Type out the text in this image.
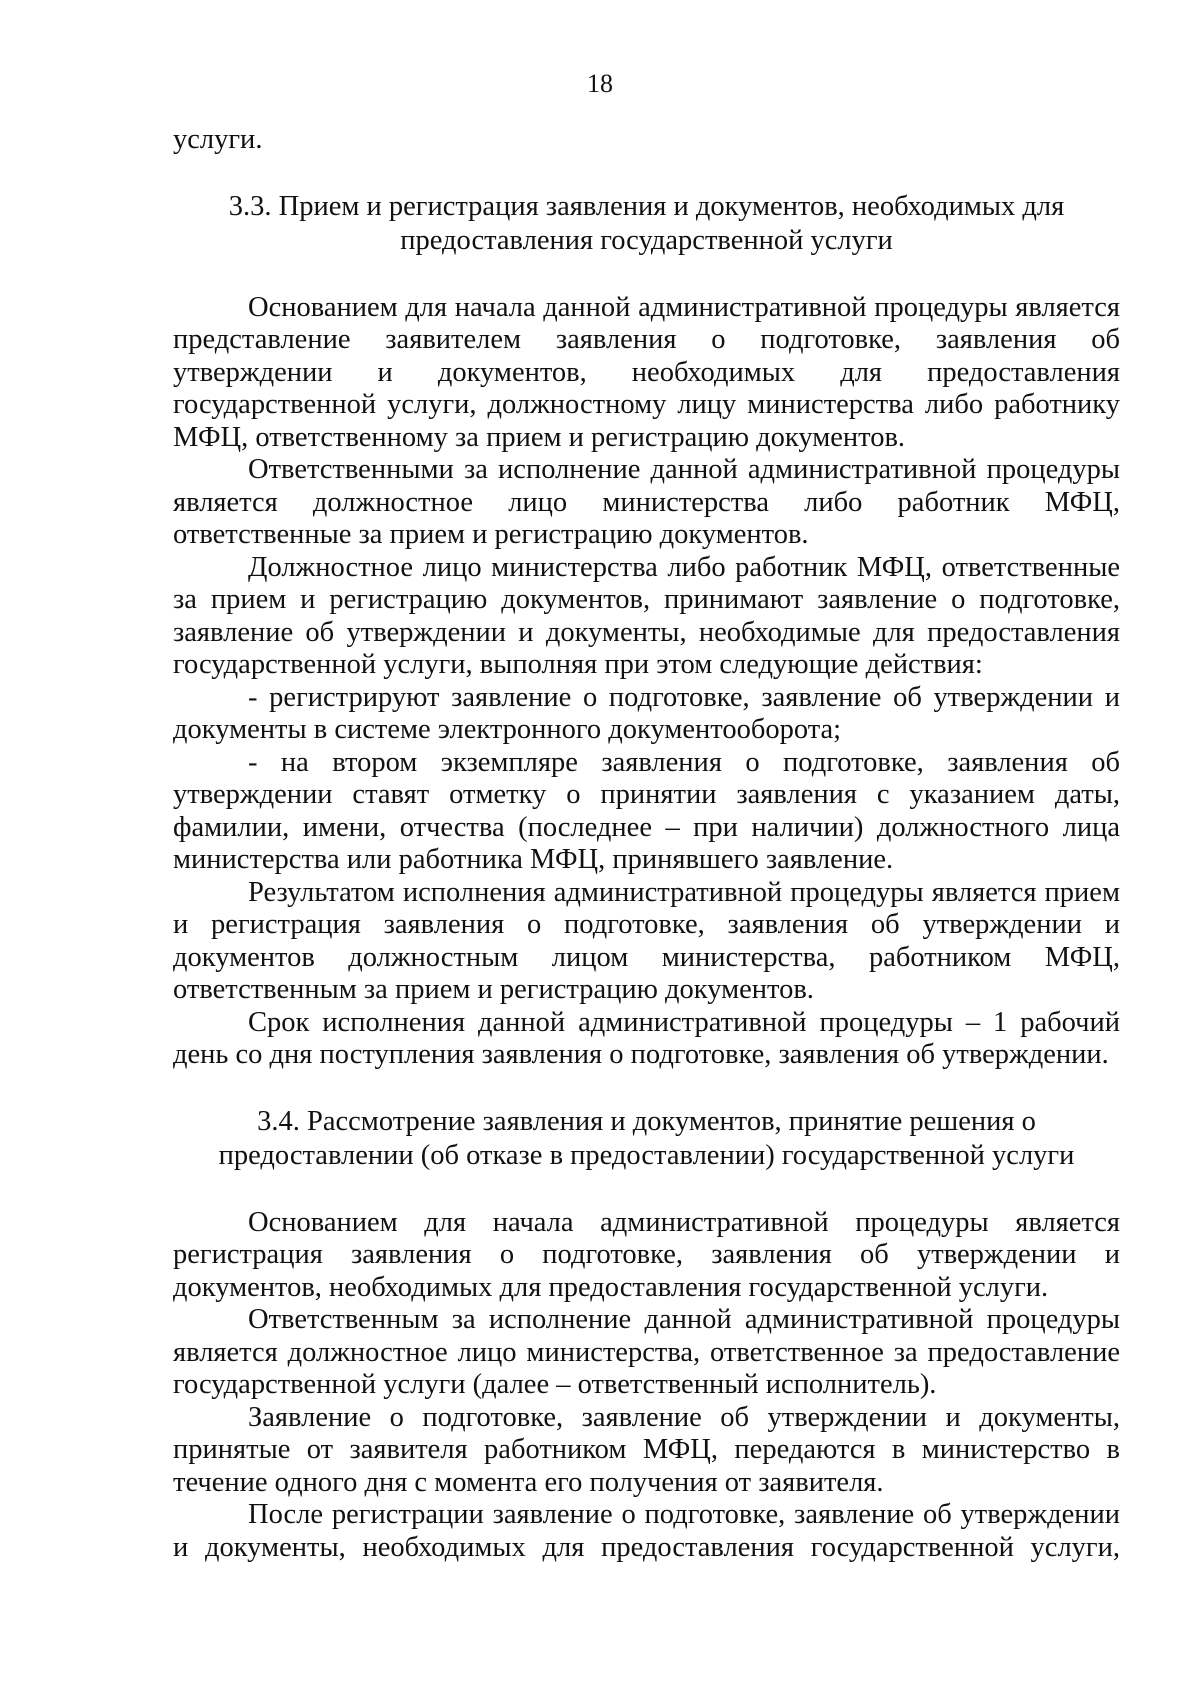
18

услуги.

3.3. Прием и регистрация заявления и документов, необходимых для
предоставления государственной услуги

Основанием для начала данной административной процедуры является представление заявителем заявления о подготовке, заявления об утверждении и документов, необходимых для предоставления государственной услуги, должностному лицу министерства либо работнику МФЦ, ответственному за прием и регистрацию документов.

Ответственными за исполнение данной административной процедуры является должностное лицо министерства либо работник МФЦ, ответственные за прием и регистрацию документов.

Должностное лицо министерства либо работник МФЦ, ответственные за прием и регистрацию документов, принимают заявление о подготовке, заявление об утверждении и документы, необходимые для предоставления государственной услуги, выполняя при этом следующие действия:

- регистрируют заявление о подготовке, заявление об утверждении и документы в системе электронного документооборота;

- на втором экземпляре заявления о подготовке, заявления об утверждении ставят отметку о принятии заявления с указанием даты, фамилии, имени, отчества (последнее – при наличии) должностного лица министерства или работника МФЦ, принявшего заявление.

Результатом исполнения административной процедуры является прием и регистрация заявления о подготовке, заявления об утверждении и документов должностным лицом министерства, работником МФЦ, ответственным за прием и регистрацию документов.

Срок исполнения данной административной процедуры – 1 рабочий день со дня поступления заявления о подготовке, заявления об утверждении.

3.4. Рассмотрение заявления и документов, принятие решения о
предоставлении (об отказе в предоставлении) государственной услуги

Основанием для начала административной процедуры является регистрация заявления о подготовке, заявления об утверждении и документов, необходимых для предоставления государственной услуги.

Ответственным за исполнение данной административной процедуры является должностное лицо министерства, ответственное за предоставление государственной услуги (далее – ответственный исполнитель).

Заявление о подготовке, заявление об утверждении и документы, принятые от заявителя работником МФЦ, передаются в министерство в течение одного дня с момента его получения от заявителя.

После регистрации заявление о подготовке, заявление об утверждении и документы, необходимых для предоставления государственной услуги,
